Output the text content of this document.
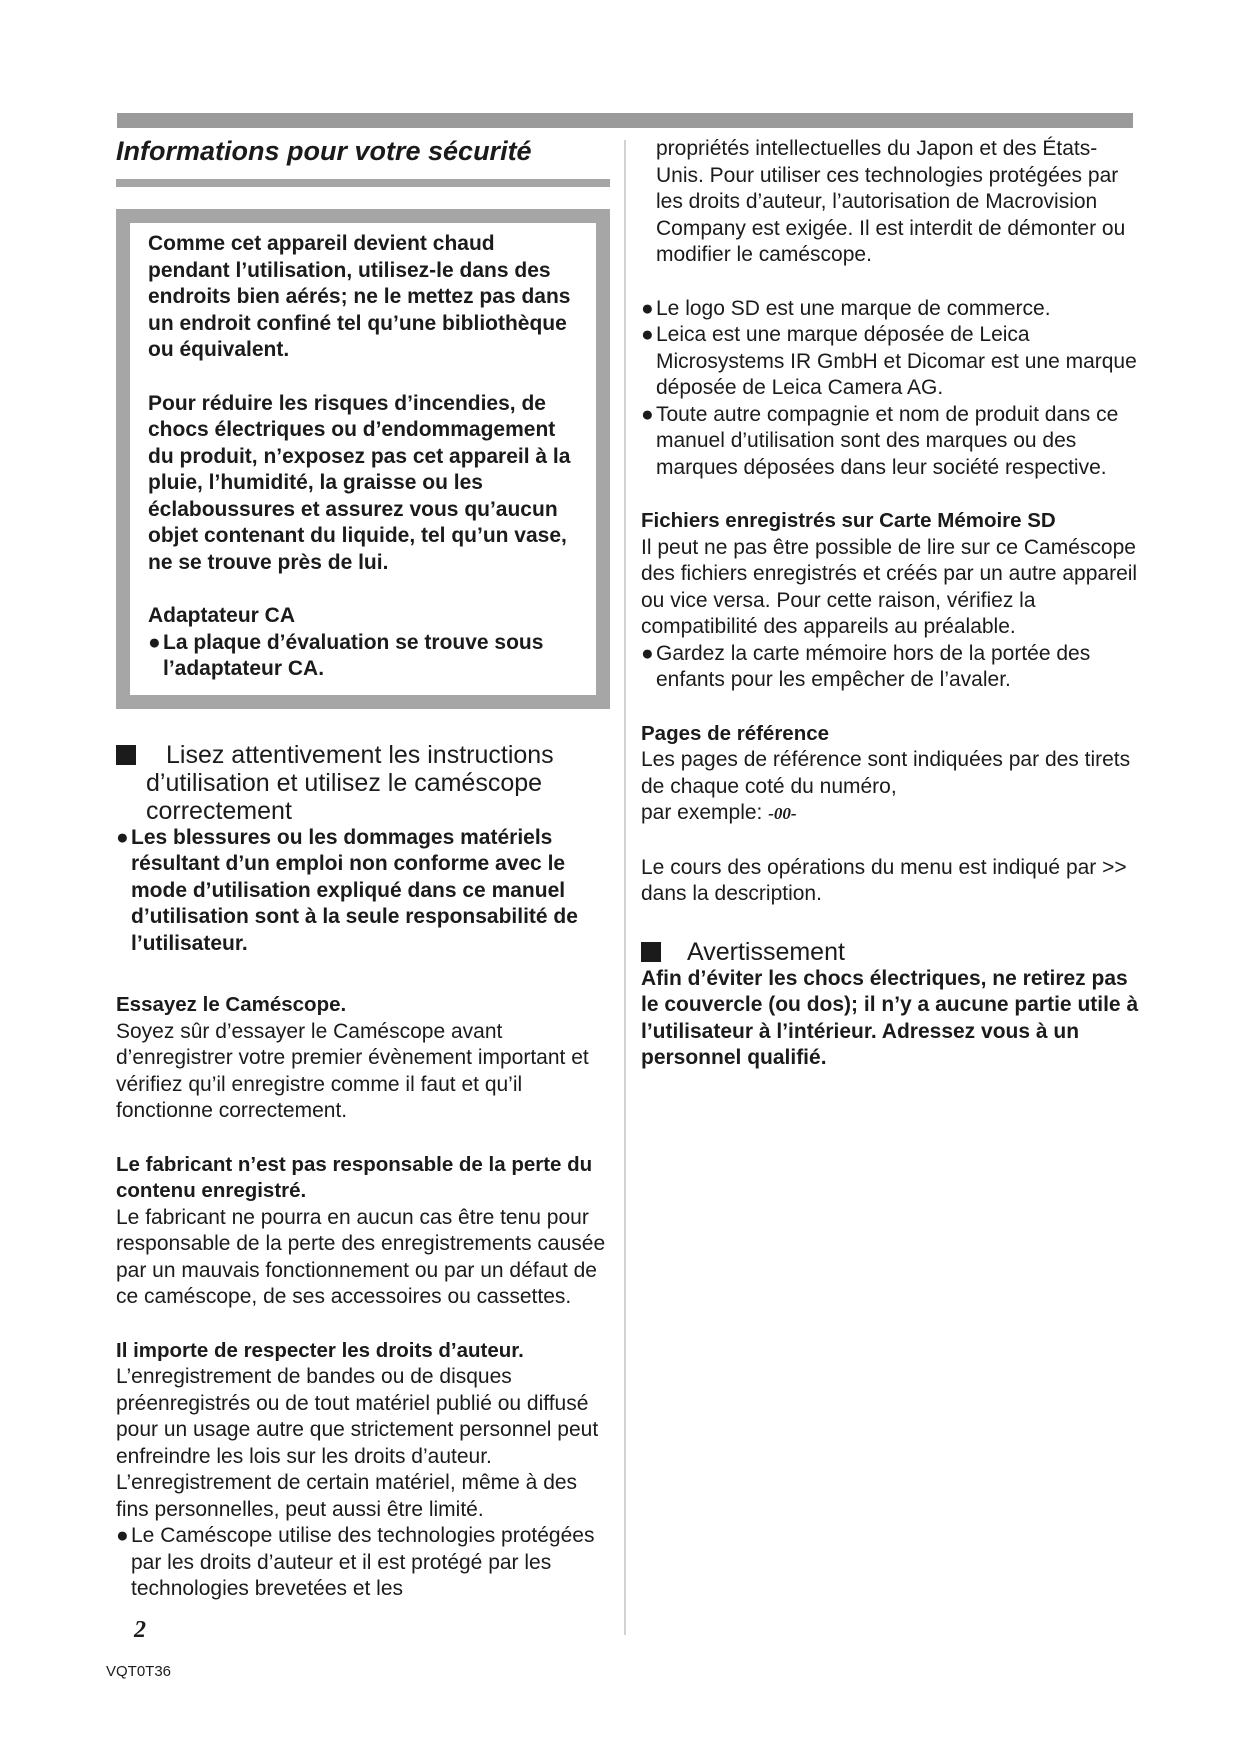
Informations pour votre sécurité

Comme cet appareil devient chaud pendant l’utilisation, utilisez-le dans des endroits bien aérés; ne le mettez pas dans un endroit confiné tel qu’une bibliothèque ou équivalent.

Pour réduire les risques d’incendies, de chocs électriques ou d’endommagement du produit, n’exposez pas cet appareil à la pluie, l’humidité, la graisse ou les éclaboussures et assurez vous qu’aucun objet contenant du liquide, tel qu’un vase, ne se trouve près de lui.

Adaptateur CA

● La plaque d’évaluation se trouve sous l’adaptateur CA.
Lisez attentivement les instructions
d’utilisation et utilisez le caméscope
correctement
● Les blessures ou les dommages matériels résultant d’un emploi non conforme avec le mode d’utilisation expliqué dans ce manuel d’utilisation sont à la seule responsabilité de l’utilisateur.

Essayez le Caméscope.

Soyez sûr d’essayer le Caméscope avant d’enregistrer votre premier évènement important et vérifiez qu’il enregistre comme il faut et qu’il fonctionne correctement.

Le fabricant n’est pas responsable de la perte du contenu enregistré.

Le fabricant ne pourra en aucun cas être tenu pour responsable de la perte des enregistrements causée par un mauvais fonctionnement ou par un défaut de ce caméscope, de ses accessoires ou cassettes.

Il importe de respecter les droits d’auteur.

L’enregistrement de bandes ou de disques préenregistrés ou de tout matériel publié ou diffusé pour un usage autre que strictement personnel peut enfreindre les lois sur les droits d’auteur. L’enregistrement de certain matériel, même à des fins personnelles, peut aussi être limité.

● Le Caméscope utilise des technologies protégées par les droits d’auteur et il est protégé par les technologies brevetées et les

propriétés intellectuelles du Japon et des États-Unis. Pour utiliser ces technologies protégées par les droits d’auteur, l’autorisation de Macrovision Company est exigée. Il est interdit de démonter ou modifier le caméscope.

● Le logo SD est une marque de commerce.
● Leica est une marque déposée de Leica Microsystems IR GmbH et Dicomar est une marque déposée de Leica Camera AG.
● Toute autre compagnie et nom de produit dans ce manuel d’utilisation sont des marques ou des marques déposées dans leur société respective.

Fichiers enregistrés sur Carte Mémoire SD

Il peut ne pas être possible de lire sur ce Caméscope des fichiers enregistrés et créés par un autre appareil ou vice versa. Pour cette raison, vérifiez la compatibilité des appareils au préalable.

● Gardez la carte mémoire hors de la portée des enfants pour les empêcher de l’avaler.

Pages de référence

Les pages de référence sont indiquées par des tirets de chaque coté du numéro,

par exemple: -00-

Le cours des opérations du menu est indiqué par >> dans la description.

Avertissement

Afin d’éviter les chocs électriques, ne retirez pas le couvercle (ou dos); il n’y a aucune partie utile à l’utilisateur à l’intérieur. Adressez vous à un personnel qualifié.

2
VQT0T36
